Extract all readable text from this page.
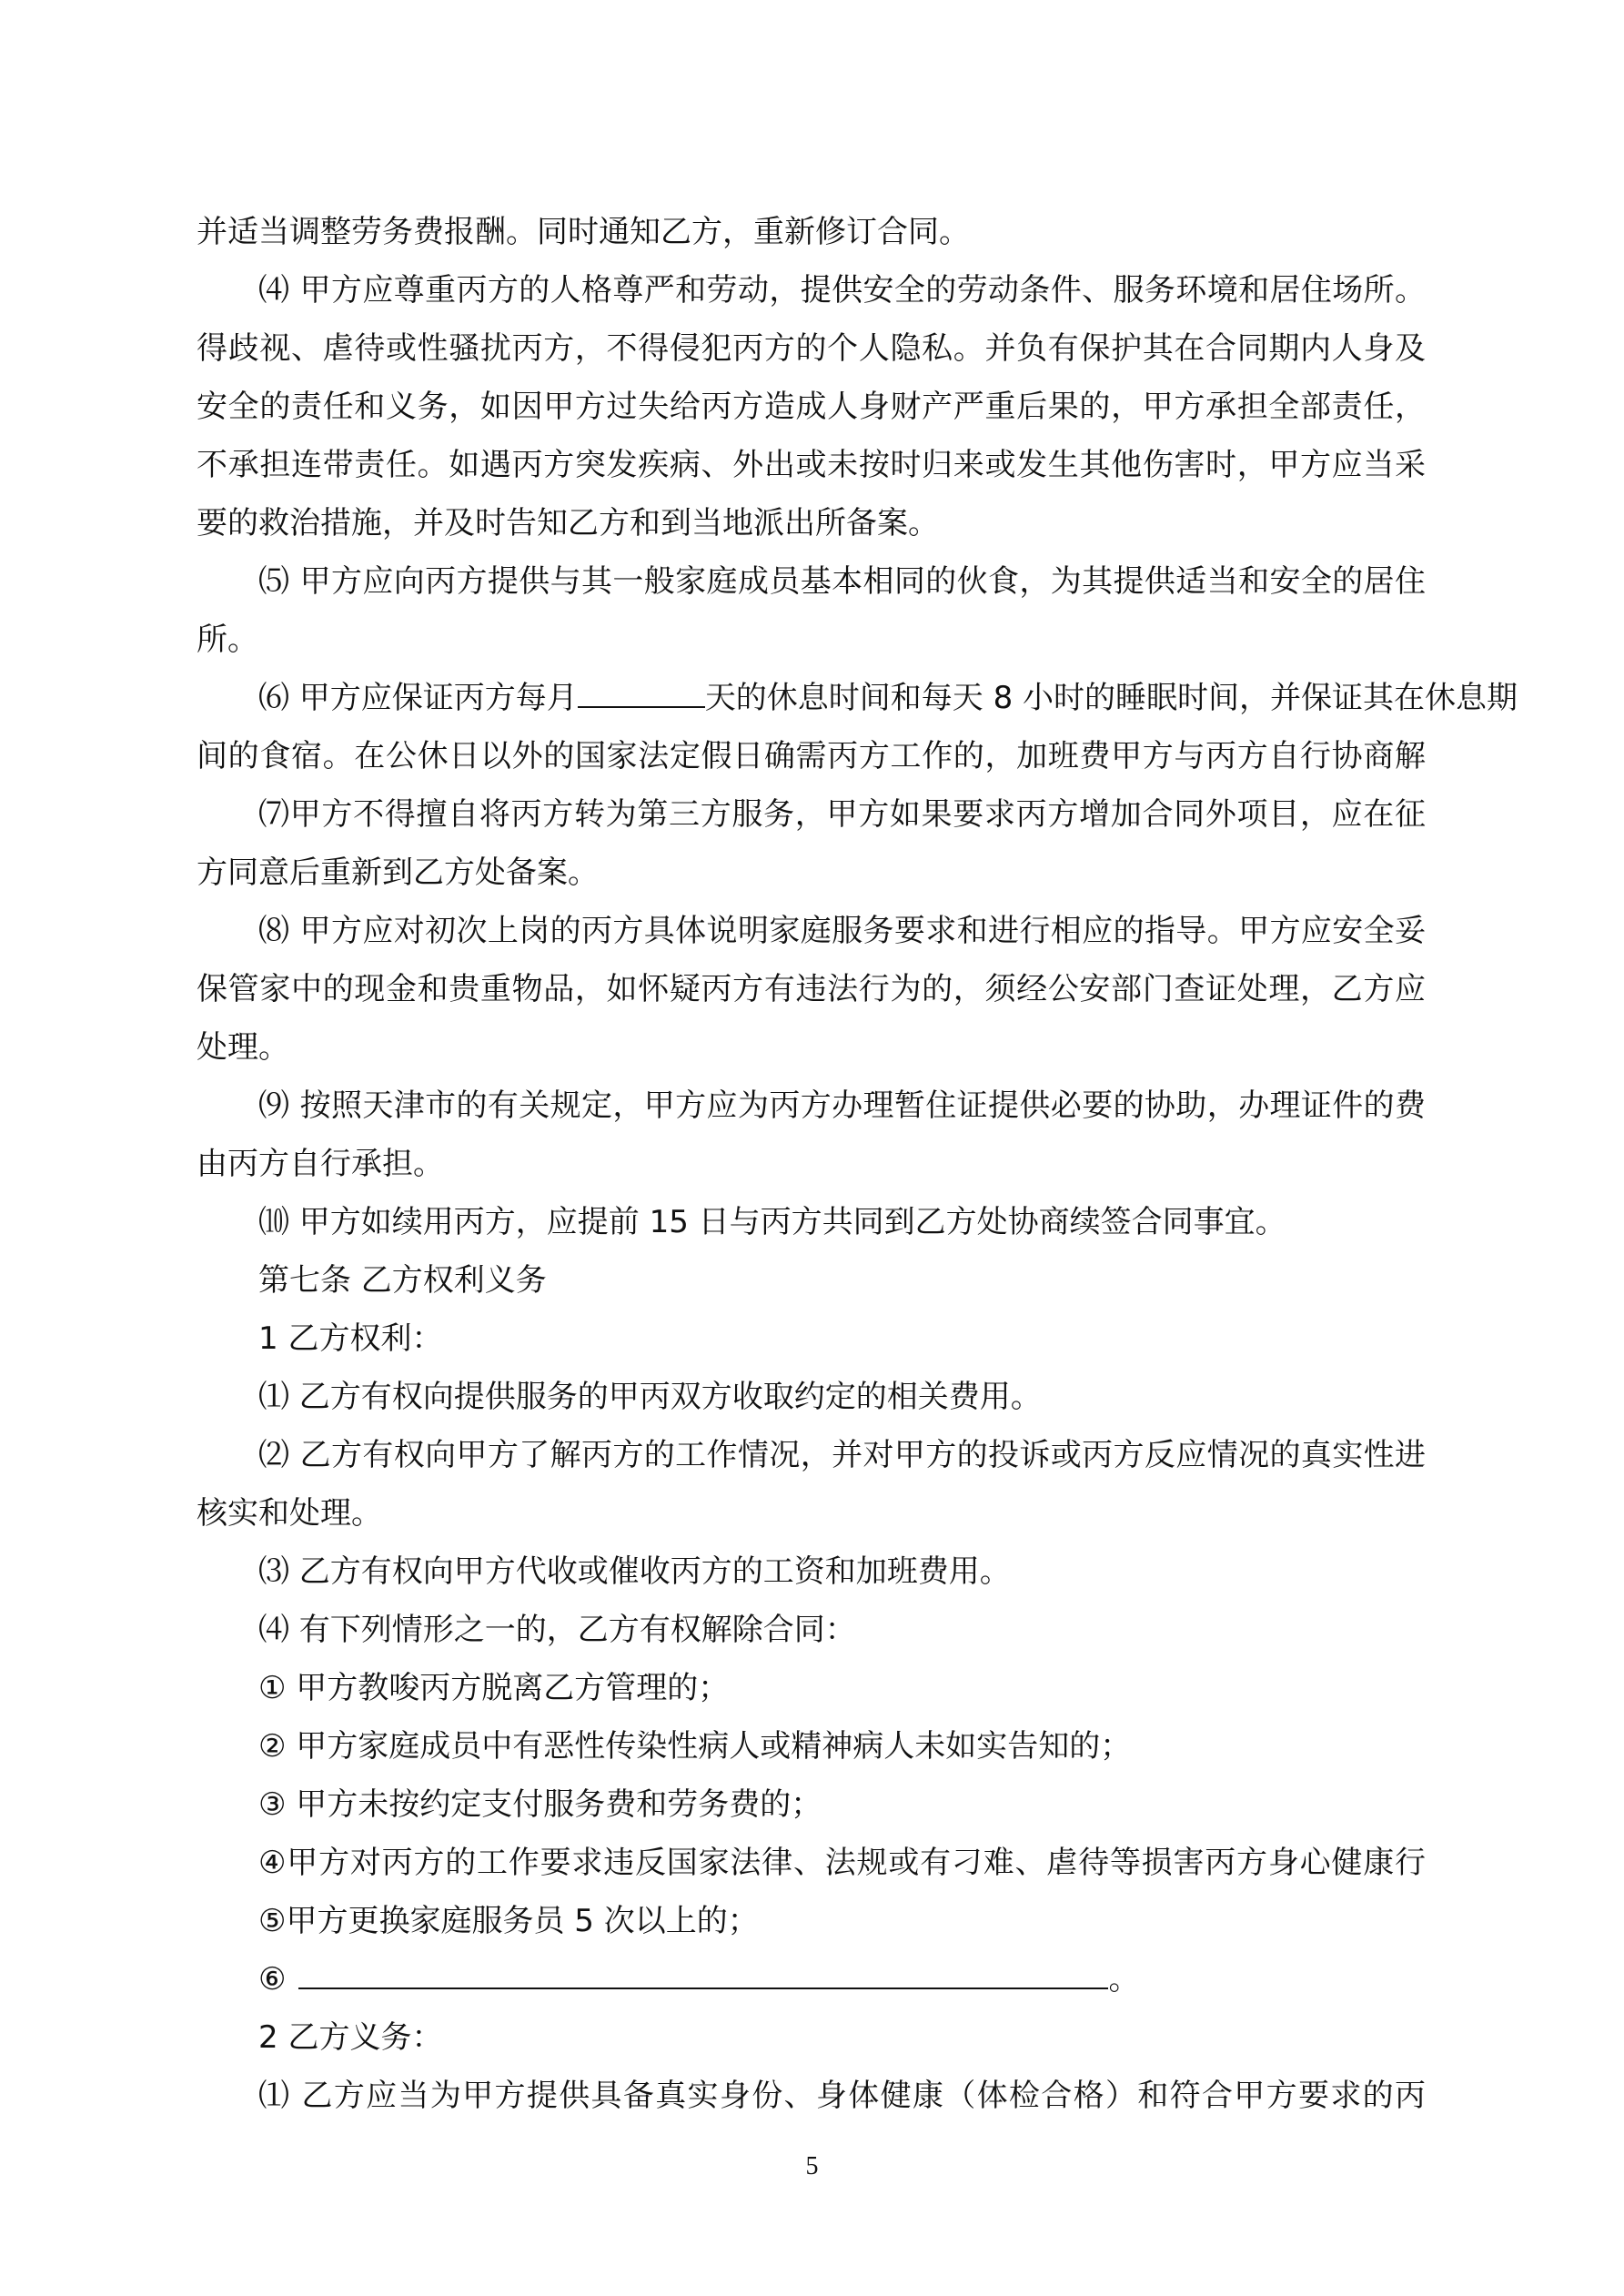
并适当调整劳务费报酬。同时通知乙方，重新修订合同。
⑷ 甲方应尊重丙方的人格尊严和劳动，提供安全的劳动条件、服务环境和居住场所。
得歧视、虐待或性骚扰丙方，不得侵犯丙方的个人隐私。并负有保护其在合同期内人身及
安全的责任和义务，如因甲方过失给丙方造成人身财产严重后果的，甲方承担全部责任，
不承担连带责任。如遇丙方突发疾病、外出或未按时归来或发生其他伤害时，甲方应当采
要的救治措施，并及时告知乙方和到当地派出所备案。
⑸ 甲方应向丙方提供与其一般家庭成员基本相同的伙食，为其提供适当和安全的居住
所。
⑹ 甲方应保证丙方每月	天的休息时间和每天 8 小时的睡眠时间，并保证其在休息期
间的食宿。在公休日以外的国家法定假日确需丙方工作的，加班费甲方与丙方自行协商解
⑺甲方不得擅自将丙方转为第三方服务，甲方如果要求丙方增加合同外项目，应在征
方同意后重新到乙方处备案。
⑻ 甲方应对初次上岗的丙方具体说明家庭服务要求和进行相应的指导。甲方应安全妥
保管家中的现金和贵重物品，如怀疑丙方有违法行为的，须经公安部门查证处理，乙方应
处理。
⑼ 按照天津市的有关规定，甲方应为丙方办理暂住证提供必要的协助，办理证件的费
由丙方自行承担。
⑽ 甲方如续用丙方，应提前 15 日与丙方共同到乙方处协商续签合同事宜。
第七条 乙方权利义务
1 乙方权利：
⑴ 乙方有权向提供服务的甲丙双方收取约定的相关费用。
⑵ 乙方有权向甲方了解丙方的工作情况，并对甲方的投诉或丙方反应情况的真实性进
核实和处理。
⑶ 乙方有权向甲方代收或催收丙方的工资和加班费用。
⑷ 有下列情形之一的，乙方有权解除合同：
① 甲方教唆丙方脱离乙方管理的；
② 甲方家庭成员中有恶性传染性病人或精神病人未如实告知的；
③ 甲方未按约定支付服务费和劳务费的；
④甲方对丙方的工作要求违反国家法律、法规或有刁难、虐待等损害丙方身心健康行
⑤甲方更换家庭服务员 5 次以上的；
⑥	。
2 乙方义务：
⑴ 乙方应当为甲方提供具备真实身份、身体健康（体检合格）和符合甲方要求的丙
5
